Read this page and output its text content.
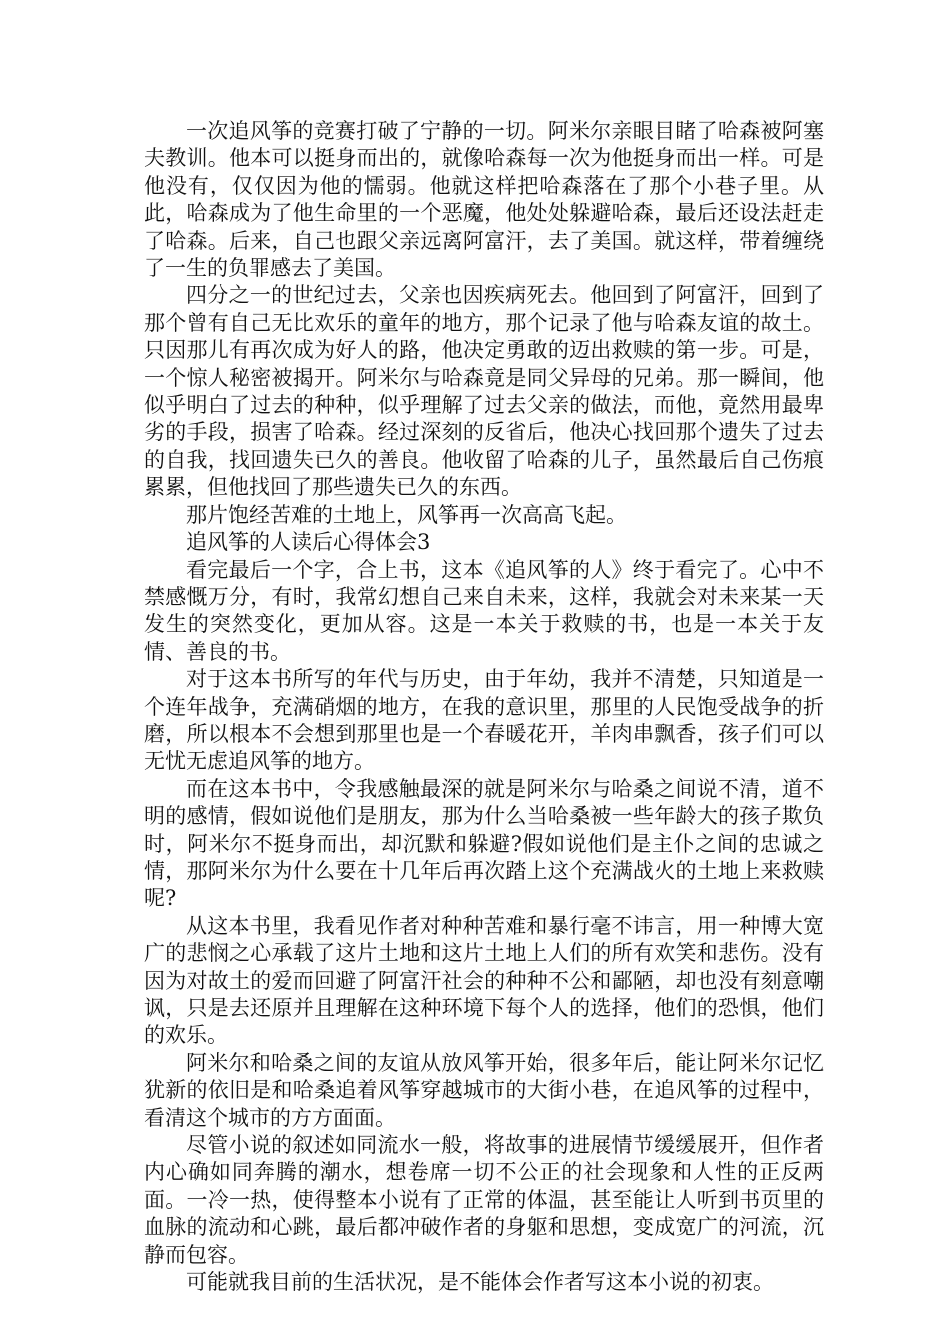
一次追风筝的竞赛打破了宁静的一切。阿米尔亲眼目睹了哈森被阿塞夫教训。他本可以挺身而出的，就像哈森每一次为他挺身而出一样。可是他没有，仅仅因为他的懦弱。他就这样把哈森落在了那个小巷子里。从此，哈森成为了他生命里的一个恶魔，他处处躲避哈森，最后还设法赶走了哈森。后来，自己也跟父亲远离阿富汗，去了美国。就这样，带着缠绕了一生的负罪感去了美国。

四分之一的世纪过去，父亲也因疾病死去。他回到了阿富汗，回到了那个曾有自己无比欢乐的童年的地方，那个记录了他与哈森友谊的故土。只因那儿有再次成为好人的路，他决定勇敢的迈出救赎的第一步。可是，一个惊人秘密被揭开。阿米尔与哈森竟是同父异母的兄弟。那一瞬间，他似乎明白了过去的种种，似乎理解了过去父亲的做法，而他，竟然用最卑劣的手段，损害了哈森。经过深刻的反省后，他决心找回那个遗失了过去的自我，找回遗失已久的善良。他收留了哈森的儿子，虽然最后自己伤痕累累，但他找回了那些遗失已久的东西。

那片饱经苦难的土地上，风筝再一次高高飞起。

追风筝的人读后心得体会3

看完最后一个字，合上书，这本《追风筝的人》终于看完了。心中不禁感慨万分，有时，我常幻想自己来自未来，这样，我就会对未来某一天发生的突然变化，更加从容。这是一本关于救赎的书，也是一本关于友情、善良的书。

对于这本书所写的年代与历史，由于年幼，我并不清楚，只知道是一个连年战争，充满硝烟的地方，在我的意识里，那里的人民饱受战争的折磨，所以根本不会想到那里也是一个春暖花开，羊肉串飘香，孩子们可以无忧无虑追风筝的地方。

而在这本书中，令我感触最深的就是阿米尔与哈桑之间说不清，道不明的感情，假如说他们是朋友，那为什么当哈桑被一些年龄大的孩子欺负时，阿米尔不挺身而出，却沉默和躲避?假如说他们是主仆之间的忠诚之情，那阿米尔为什么要在十几年后再次踏上这个充满战火的土地上来救赎呢?

从这本书里，我看见作者对种种苦难和暴行毫不讳言，用一种博大宽广的悲悯之心承载了这片土地和这片土地上人们的所有欢笑和悲伤。没有因为对故土的爱而回避了阿富汗社会的种种不公和鄙陋，却也没有刻意嘲讽，只是去还原并且理解在这种环境下每个人的选择，他们的恐惧，他们的欢乐。

阿米尔和哈桑之间的友谊从放风筝开始，很多年后，能让阿米尔记忆犹新的依旧是和哈桑追着风筝穿越城市的大街小巷，在追风筝的过程中，看清这个城市的方方面面。

尽管小说的叙述如同流水一般，将故事的进展情节缓缓展开，但作者内心确如同奔腾的潮水，想卷席一切不公正的社会现象和人性的正反两面。一冷一热，使得整本小说有了正常的体温，甚至能让人听到书页里的血脉的流动和心跳，最后都冲破作者的身躯和思想，变成宽广的河流，沉静而包容。

可能就我目前的生活状况，是不能体会作者写这本小说的初衷。
